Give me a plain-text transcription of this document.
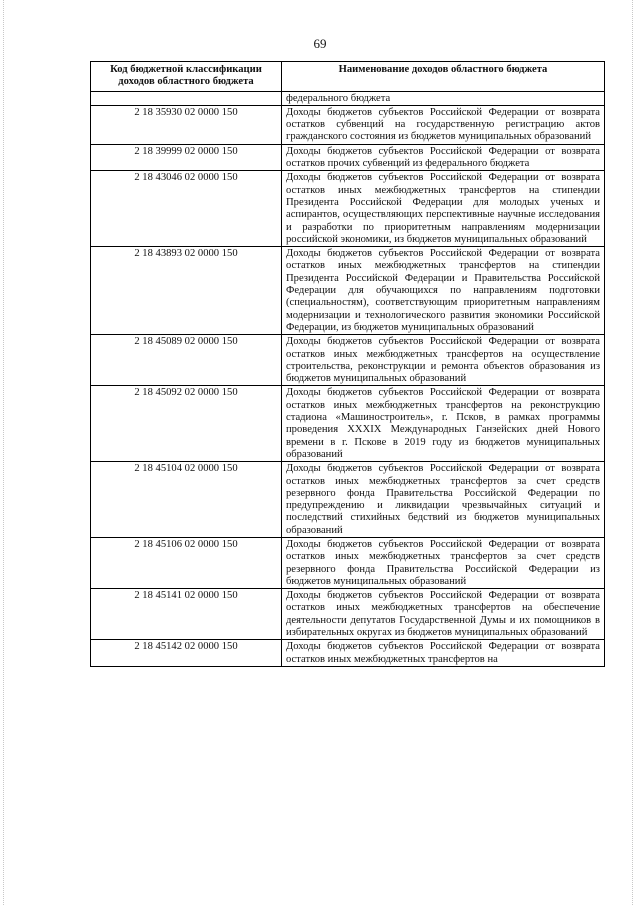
69
Код бюджетной классификации доходов областного бюджета	Наименование доходов областного бюджета
	федерального бюджета
2 18 35930 02 0000 150	Доходы бюджетов субъектов Российской Федерации от возврата остатков субвенций на государственную регистрацию актов гражданского состояния из бюджетов муниципальных образований
2 18 39999 02 0000 150	Доходы бюджетов субъектов Российской Федерации от возврата остатков прочих субвенций из федерального бюджета
2 18 43046 02 0000 150	Доходы бюджетов субъектов Российской Федерации от возврата остатков иных межбюджетных трансфертов на стипендии Президента Российской Федерации для молодых ученых и аспирантов, осуществляющих перспективные научные исследования и разработки по приоритетным направлениям модернизации российской экономики, из бюджетов муниципальных образований
2 18 43893 02 0000 150	Доходы бюджетов субъектов Российской Федерации от возврата остатков иных межбюджетных трансфертов на стипендии Президента Российской Федерации и Правительства Российской Федерации для обучающихся по направлениям подготовки (специальностям), соответствующим приоритетным направлениям модернизации и технологического развития экономики Российской Федерации, из бюджетов муниципальных образований
2 18 45089 02 0000 150	Доходы бюджетов субъектов Российской Федерации от возврата остатков иных межбюджетных трансфертов на осуществление строительства, реконструкции и ремонта объектов образования из бюджетов муниципальных образований
2 18 45092 02 0000 150	Доходы бюджетов субъектов Российской Федерации от возврата остатков иных межбюджетных трансфертов на реконструкцию стадиона «Машиностроитель», г. Псков, в рамках программы проведения XXXIX Международных Ганзейских дней Нового времени в г. Пскове в 2019 году из бюджетов муниципальных образований
2 18 45104 02 0000 150	Доходы бюджетов субъектов Российской Федерации от возврата остатков иных межбюджетных трансфертов за счет средств резервного фонда Правительства Российской Федерации по предупреждению и ликвидации чрезвычайных ситуаций и последствий стихийных бедствий из бюджетов муниципальных образований
2 18 45106 02 0000 150	Доходы бюджетов субъектов Российской Федерации от возврата остатков иных межбюджетных трансфертов за счет средств резервного фонда Правительства Российской Федерации из бюджетов муниципальных образований
2 18 45141 02 0000 150	Доходы бюджетов субъектов Российской Федерации от возврата остатков иных межбюджетных трансфертов на обеспечение деятельности депутатов Государственной Думы и их помощников в избирательных округах из бюджетов муниципальных образований
2 18 45142 02 0000 150	Доходы бюджетов субъектов Российской Федерации от возврата остатков иных межбюджетных трансфертов на
